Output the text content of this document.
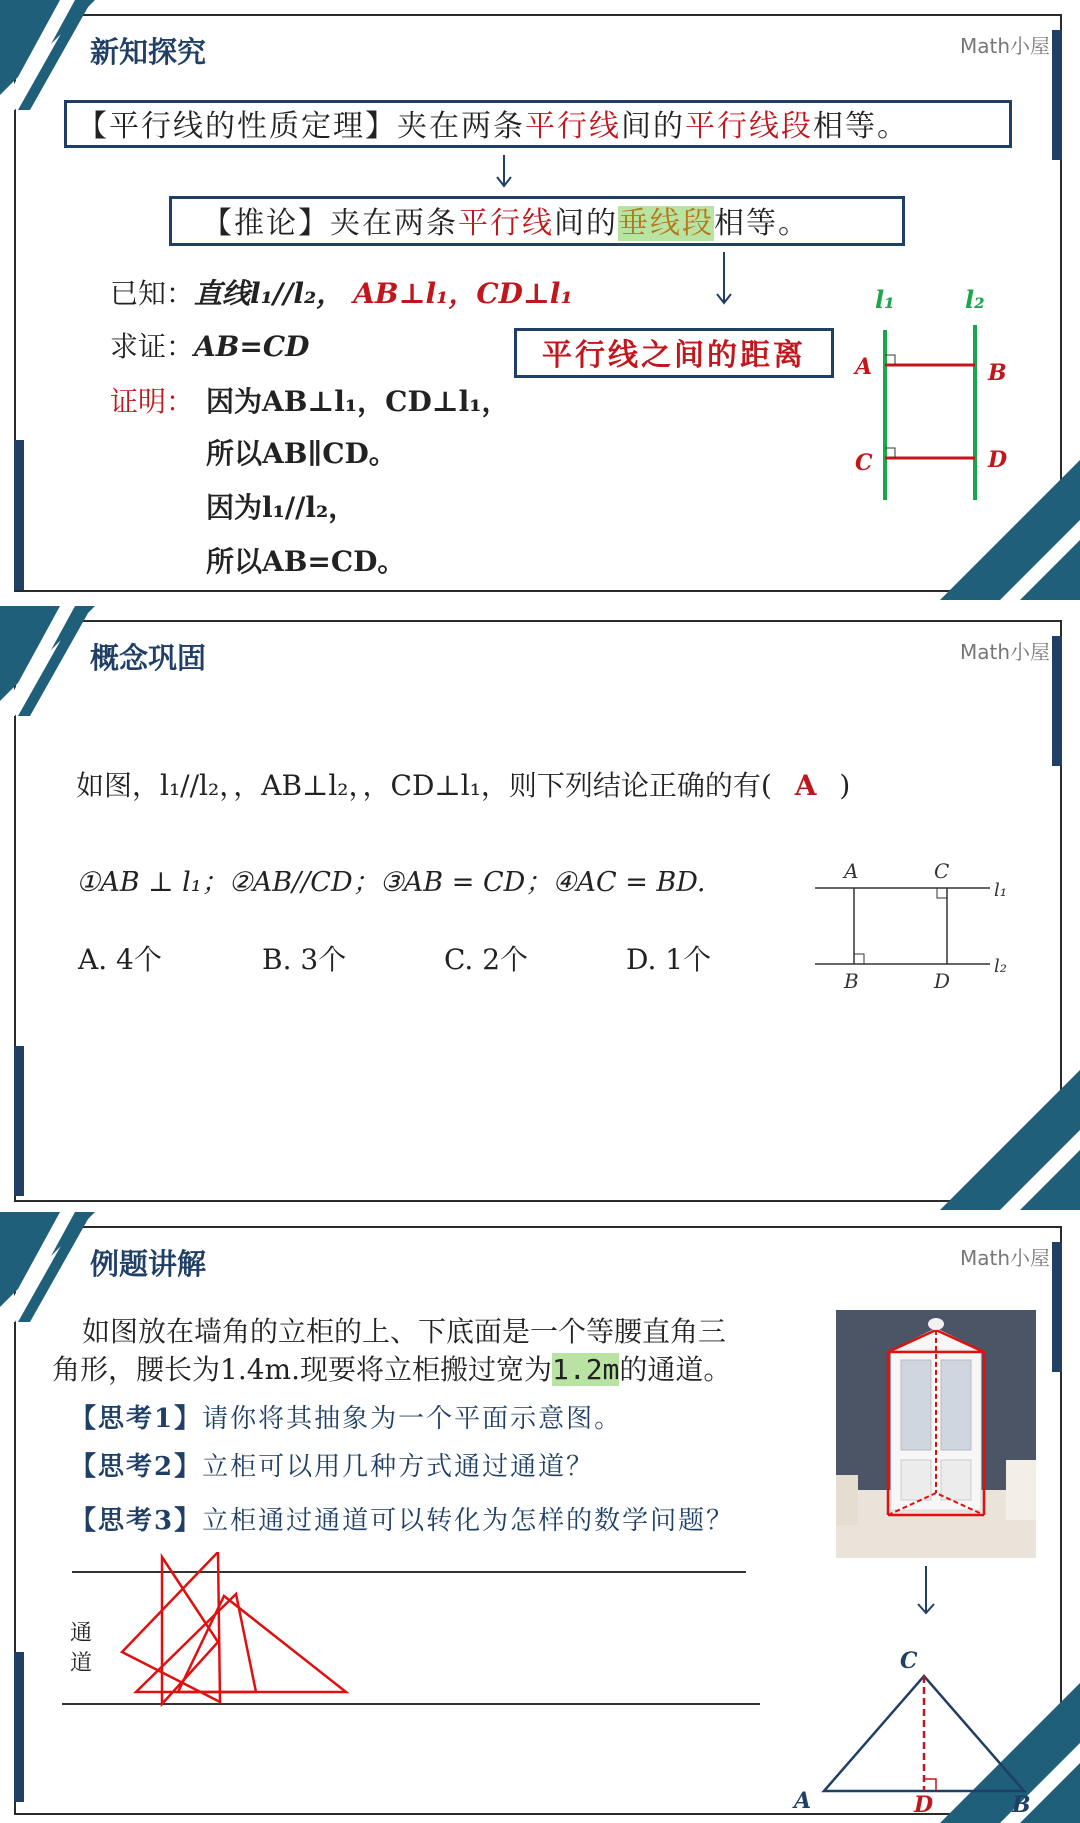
新知探究	Math小屋
【平行线的性质定理】夹在两条平行线间的平行线段相等。
【推论】夹在两条平行线间的垂线段相等。
平行线之间的距离
已知：直线l₁//l₂， AB⊥l₁，CD⊥l₁
求证：AB=CD
证明： 因为AB⊥l₁，CD⊥l₁，
所以AB∥CD。
因为l₁//l₂，
所以AB=CD。
l₁	l₂
A	B
C	D
概念巩固	Math小屋
如图，l₁//l₂，，AB⊥l₂，，CD⊥l₁，则下列结论正确的有( A )
①AB ⊥ l₁；②AB//CD；③AB = CD；④AC = BD.
A. 4个	B. 3个	C. 2个	D. 1个
A	C
B	D
l₁
l₂
例题讲解	Math小屋
如图放在墙角的立柜的上、下底面是一个等腰直角三
角形，腰长为1.4m.现要将立柜搬过宽为1.2m的通道。
【思考1】请你将其抽象为一个平面示意图。
【思考2】立柜可以用几种方式通过通道？
【思考3】立柜通过通道可以转化为怎样的数学问题？
通
道	C
A	D	B
